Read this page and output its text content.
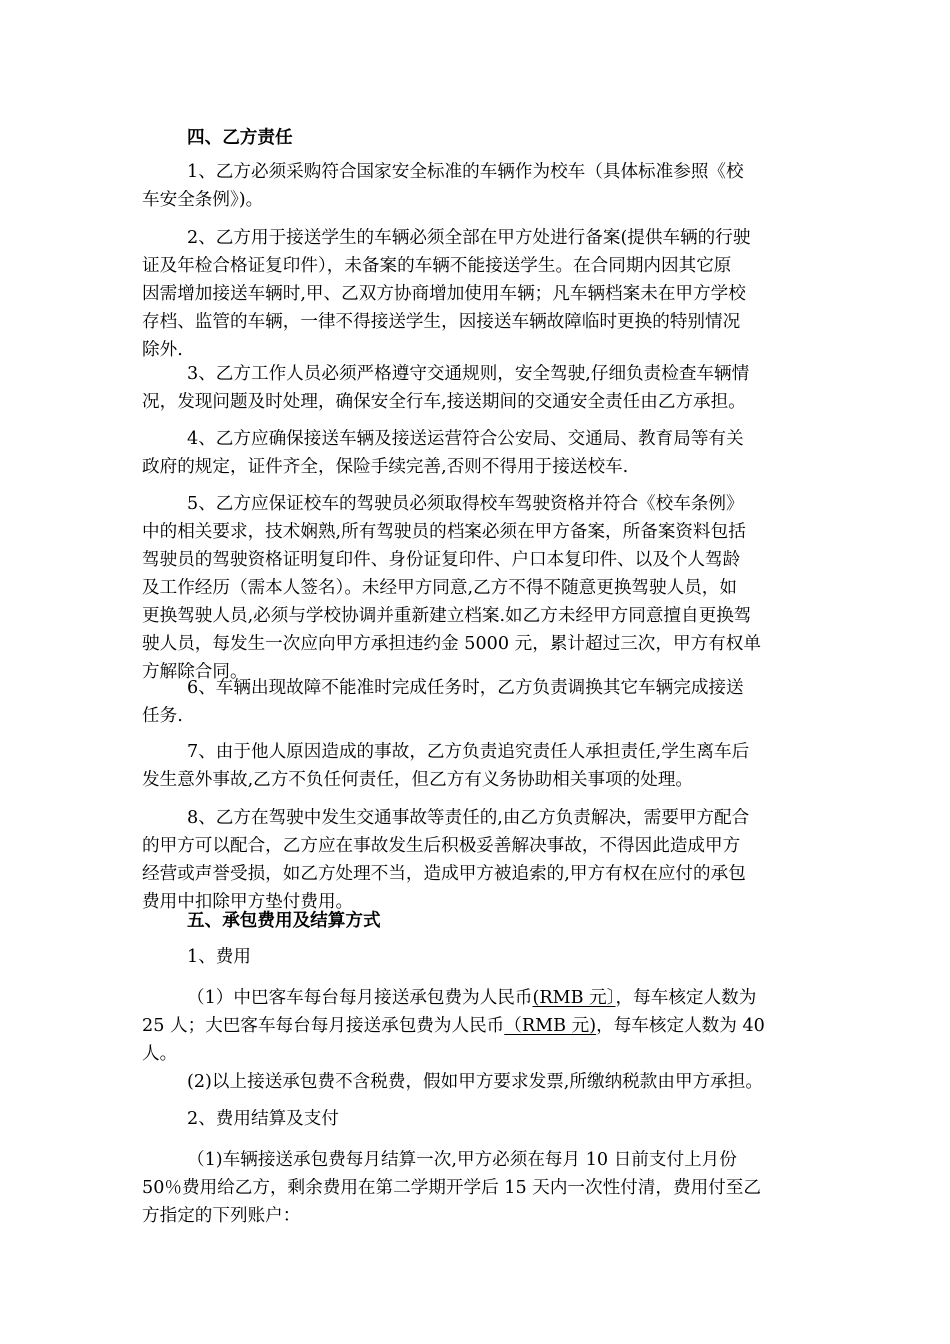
四、乙方责任

1、乙方必须采购符合国家安全标准的车辆作为校车（具体标准参照《校
车安全条例》)。

2、乙方用于接送学生的车辆必须全部在甲方处进行备案(提供车辆的行驶
证及年检合格证复印件），未备案的车辆不能接送学生。在合同期内因其它原
因需增加接送车辆时,甲、乙双方协商增加使用车辆；凡车辆档案未在甲方学校
存档、监管的车辆，一律不得接送学生，因接送车辆故障临时更换的特别情况
除外.

3、乙方工作人员必须严格遵守交通规则，安全驾驶,仔细负责检查车辆情
况，发现问题及时处理，确保安全行车,接送期间的交通安全责任由乙方承担。

4、乙方应确保接送车辆及接送运营符合公安局、交通局、教育局等有关
政府的规定，证件齐全，保险手续完善,否则不得用于接送校车.

5、乙方应保证校车的驾驶员必须取得校车驾驶资格并符合《校车条例》
中的相关要求，技术娴熟,所有驾驶员的档案必须在甲方备案，所备案资料包括
驾驶员的驾驶资格证明复印件、身份证复印件、户口本复印件、以及个人驾龄
及工作经历（需本人签名）。未经甲方同意,乙方不得不随意更换驾驶人员，如
更换驾驶人员,必须与学校协调并重新建立档案.如乙方未经甲方同意擅自更换驾
驶人员，每发生一次应向甲方承担违约金 5000 元，累计超过三次，甲方有权单
方解除合同。

6、车辆出现故障不能准时完成任务时，乙方负责调换其它车辆完成接送
任务.

7、由于他人原因造成的事故，乙方负责追究责任人承担责任,学生离车后
发生意外事故,乙方不负任何责任，但乙方有义务协助相关事项的处理。

8、乙方在驾驶中发生交通事故等责任的,由乙方负责解决，需要甲方配合
的甲方可以配合，乙方应在事故发生后积极妥善解决事故，不得因此造成甲方
经营或声誉受损，如乙方处理不当，造成甲方被追索的,甲方有权在应付的承包
费用中扣除甲方垫付费用。

五、承包费用及结算方式

1、费用

（1）中巴客车每台每月接送承包费为人民币(RMB 元〕，每车核定人数为
25 人；大巴客车每台每月接送承包费为人民币（RMB 元)，每车核定人数为 40
人。

(2)以上接送承包费不含税费，假如甲方要求发票,所缴纳税款由甲方承担。

2、费用结算及支付

（1)车辆接送承包费每月结算一次,甲方必须在每月 10 日前支付上月份
50％费用给乙方，剩余费用在第二学期开学后 15 天内一次性付清，费用付至乙
方指定的下列账户：
